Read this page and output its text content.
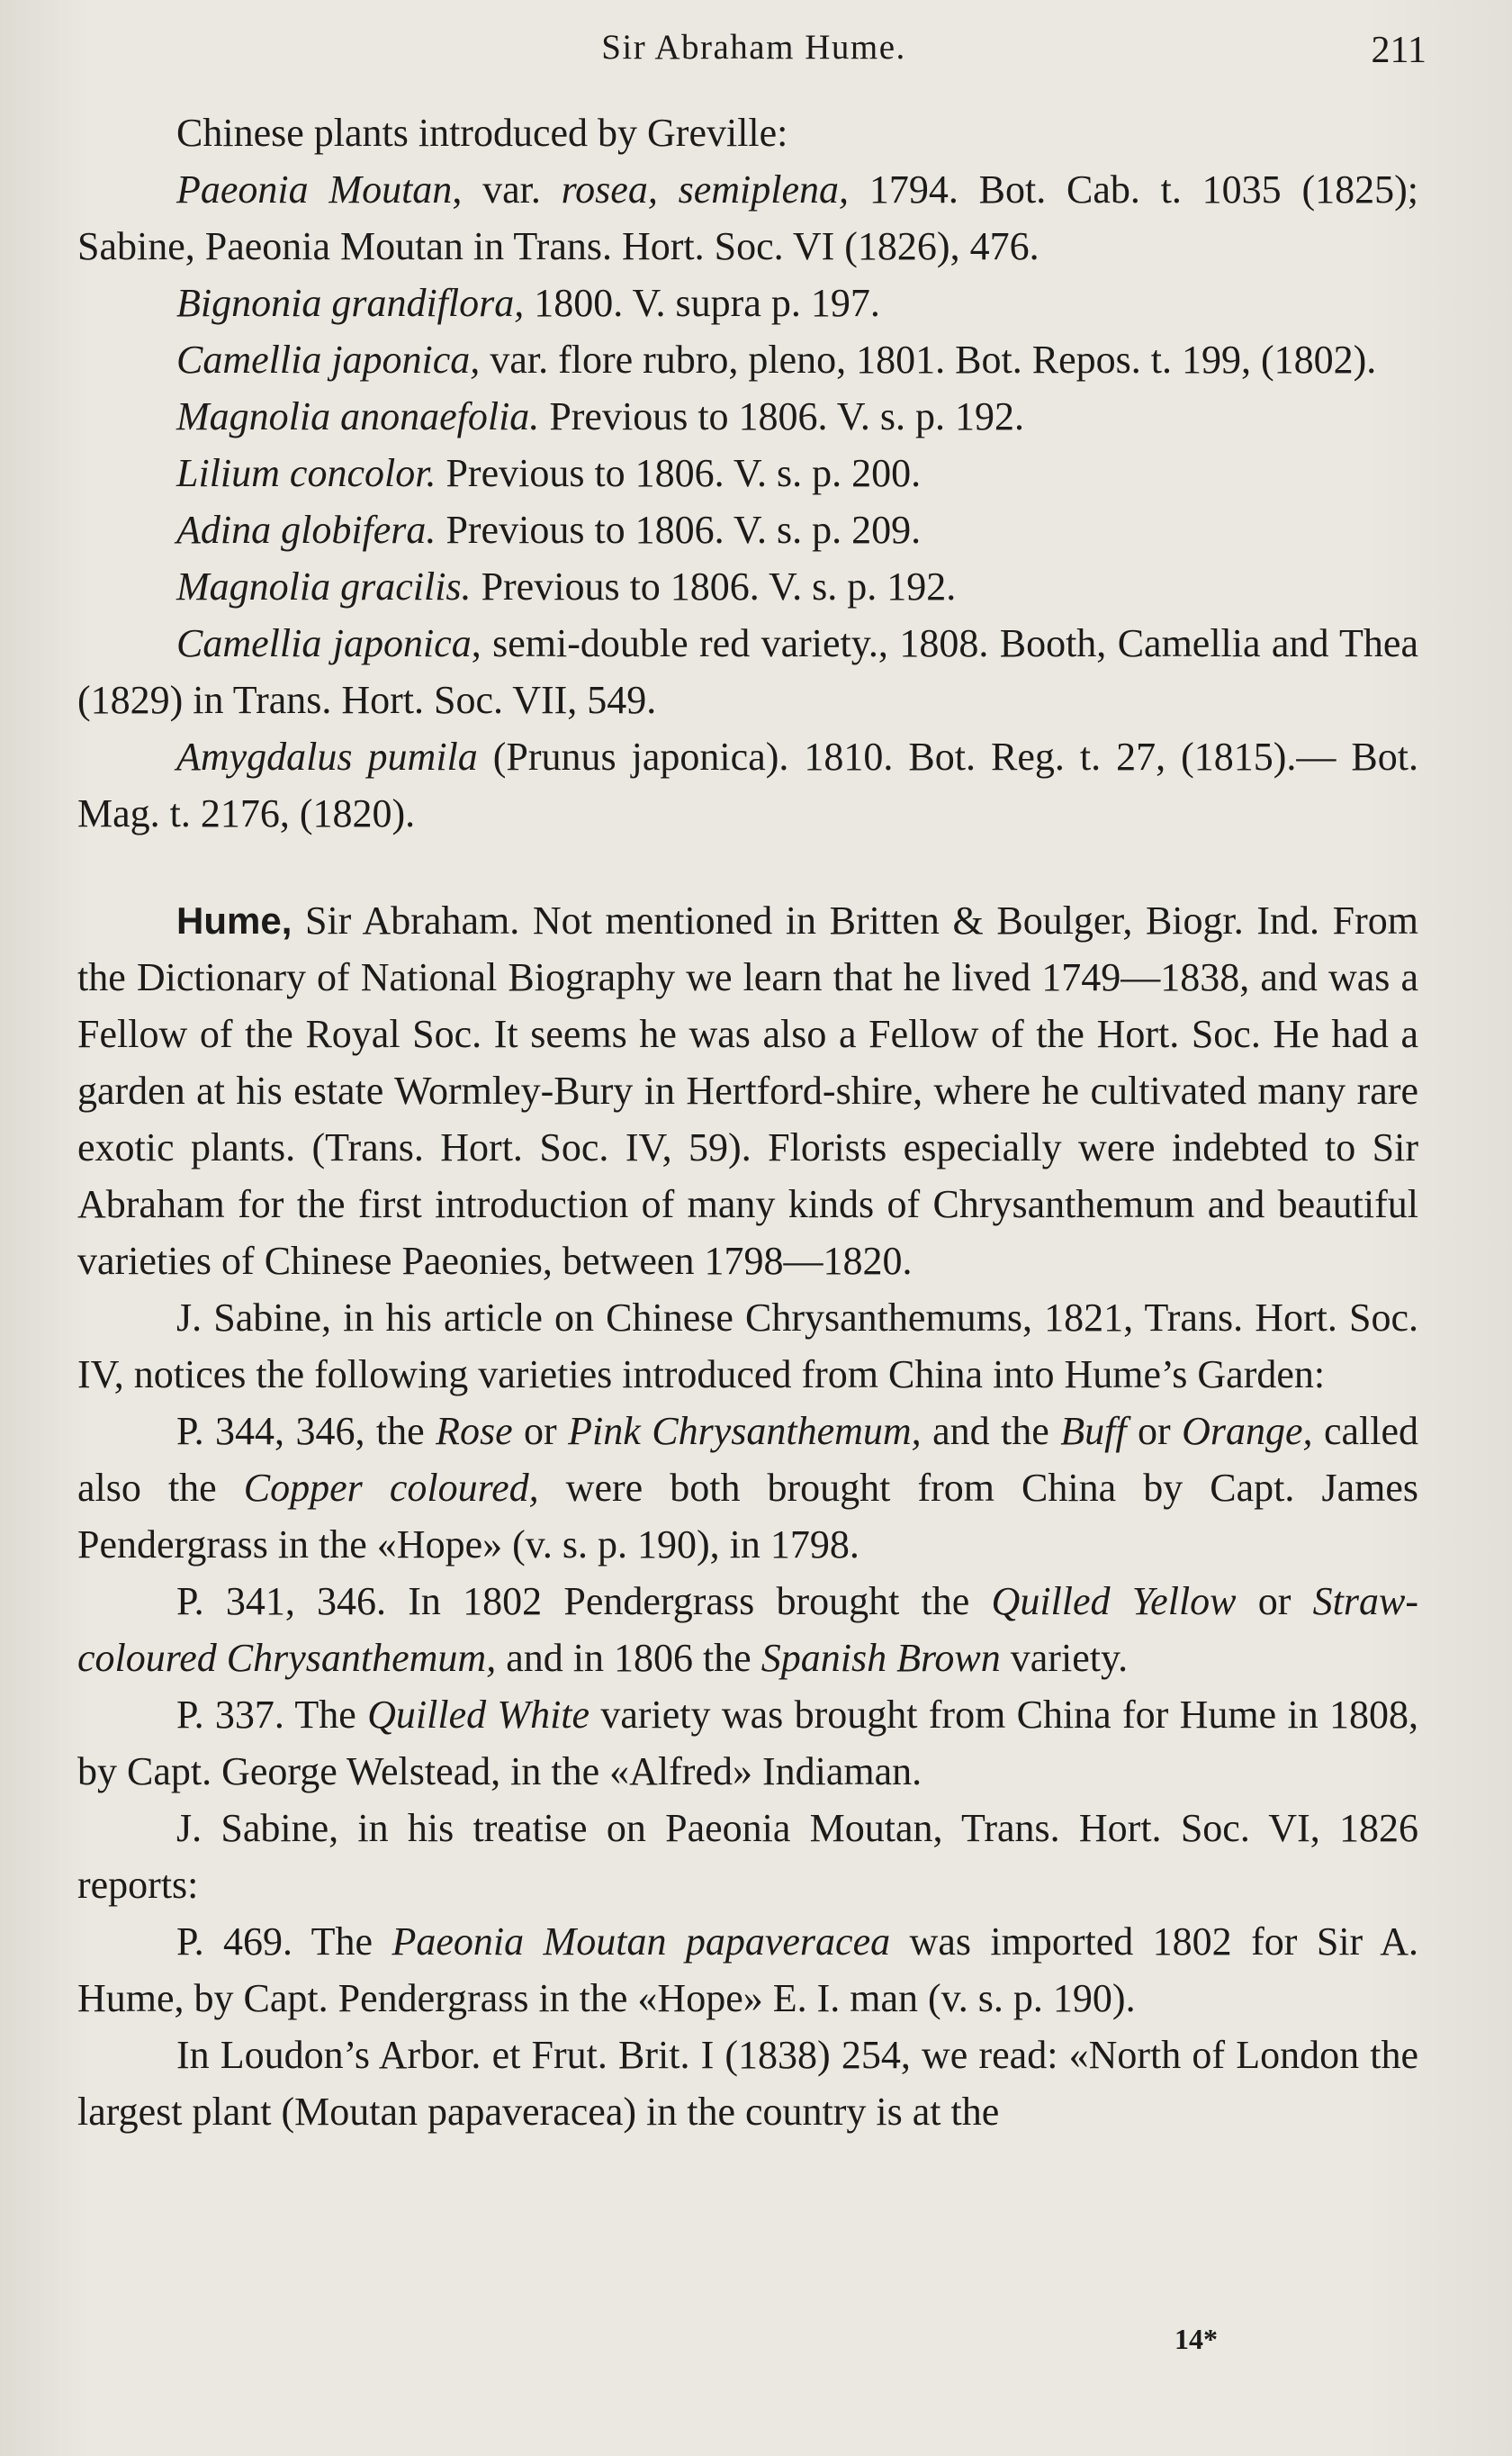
Sir Abraham Hume.	211

Chinese plants introduced by Greville:

Paeonia Moutan, var. rosea, semiplena, 1794. Bot. Cab. t. 1035 (1825); Sabine, Paeonia Moutan in Trans. Hort. Soc. VI (1826), 476.

Bignonia grandiflora, 1800. V. supra p. 197.

Camellia japonica, var. flore rubro, pleno, 1801. Bot. Repos. t. 199, (1802).

Magnolia anonaefolia. Previous to 1806. V. s. p. 192.

Lilium concolor. Previous to 1806. V. s. p. 200.

Adina globifera. Previous to 1806. V. s. p. 209.

Magnolia gracilis. Previous to 1806. V. s. p. 192.

Camellia japonica, semi-double red variety., 1808. Booth, Camellia and Thea (1829) in Trans. Hort. Soc. VII, 549.

Amygdalus pumila (Prunus japonica). 1810. Bot. Reg. t. 27, (1815).— Bot. Mag. t. 2176, (1820).

Hume, Sir Abraham. Not mentioned in Britten & Boulger, Biogr. Ind. From the Dictionary of National Biography we learn that he lived 1749—1838, and was a Fellow of the Royal Soc. It seems he was also a Fellow of the Hort. Soc. He had a garden at his estate Wormley-Bury in Hertford-shire, where he cultivated many rare exotic plants. (Trans. Hort. Soc. IV, 59). Florists especially were indebted to Sir Abraham for the first introduction of many kinds of Chrysanthemum and beautiful varieties of Chinese Paeonies, between 1798—1820.

J. Sabine, in his article on Chinese Chrysanthemums, 1821, Trans. Hort. Soc. IV, notices the following varieties introduced from China into Hume’s Garden:

P. 344, 346, the Rose or Pink Chrysanthemum, and the Buff or Orange, called also the Copper coloured, were both brought from China by Capt. James Pendergrass in the «Hope» (v. s. p. 190), in 1798.

P. 341, 346. In 1802 Pendergrass brought the Quilled Yellow or Straw-coloured Chrysanthemum, and in 1806 the Spanish Brown variety.

P. 337. The Quilled White variety was brought from China for Hume in 1808, by Capt. George Welstead, in the «Alfred» Indiaman.

J. Sabine, in his treatise on Paeonia Moutan, Trans. Hort. Soc. VI, 1826 reports:

P. 469. The Paeonia Moutan papaveracea was imported 1802 for Sir A. Hume, by Capt. Pendergrass in the «Hope» E. I. man (v. s. p. 190).

In Loudon’s Arbor. et Frut. Brit. I (1838) 254, we read: «North of London the largest plant (Moutan papaveracea) in the country is at the

14*
